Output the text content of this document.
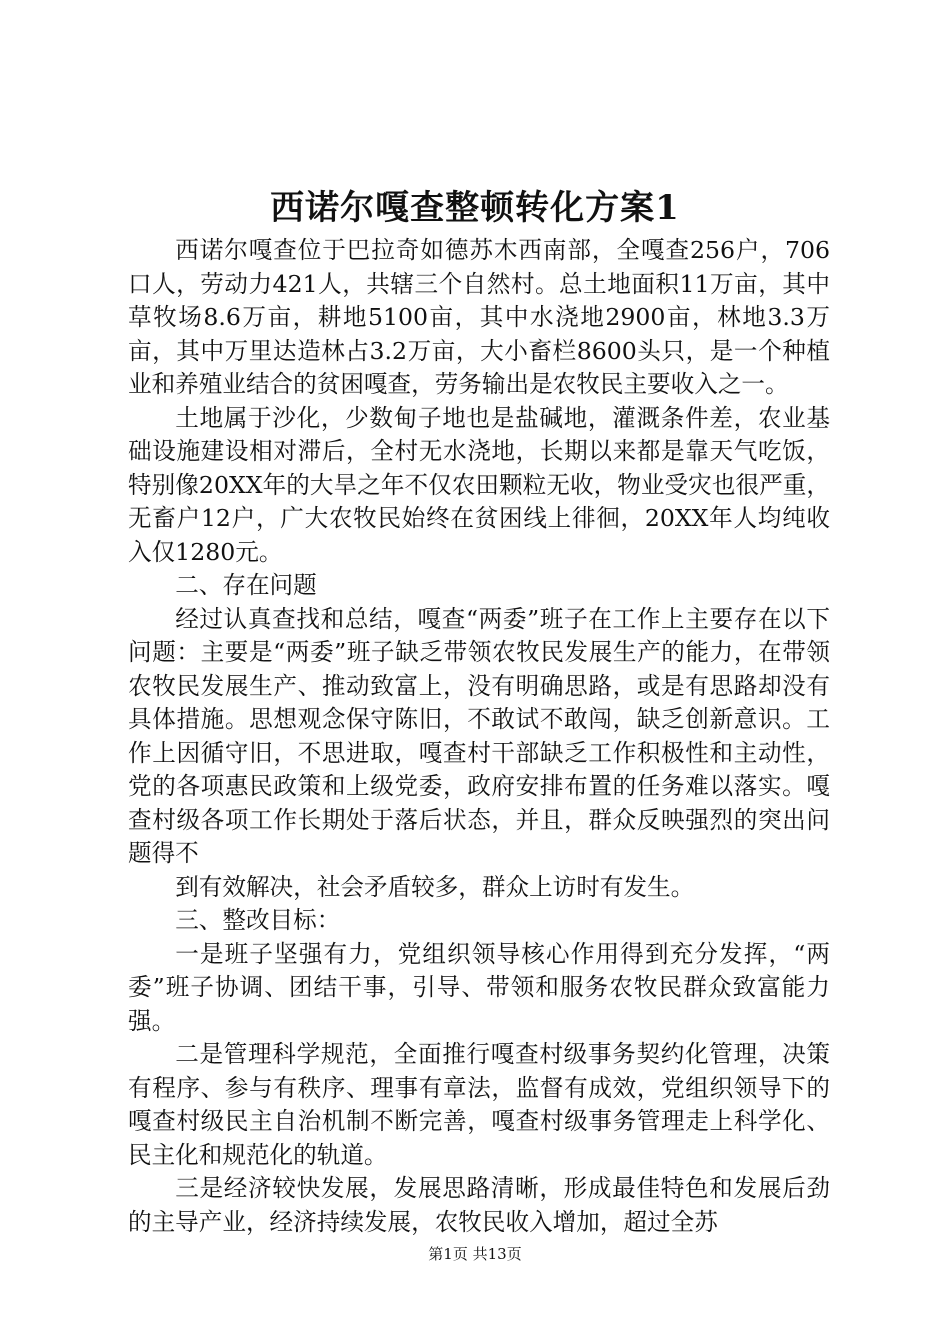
西诺尔嘎查整顿转化方案1

西诺尔嘎查位于巴拉奇如德苏木西南部，全嘎查256户，706口人，劳动力421人，共辖三个自然村。总土地面积11万亩，其中草牧场8.6万亩，耕地5100亩，其中水浇地2900亩，林地3.3万亩，其中万里达造林占3.2万亩，大小畜栏8600头只，是一个种植业和养殖业结合的贫困嘎查，劳务输出是农牧民主要收入之一。

土地属于沙化，少数甸子地也是盐碱地，灌溉条件差，农业基础设施建设相对滞后，全村无水浇地，长期以来都是靠天气吃饭，特别像20XX年的大旱之年不仅农田颗粒无收，物业受灾也很严重，无畜户12户，广大农牧民始终在贫困线上徘徊，20XX年人均纯收入仅1280元。

二、存在问题

经过认真查找和总结，嘎查“两委”班子在工作上主要存在以下问题：主要是“两委”班子缺乏带领农牧民发展生产的能力，在带领农牧民发展生产、推动致富上，没有明确思路，或是有思路却没有具体措施。思想观念保守陈旧，不敢试不敢闯，缺乏创新意识。工作上因循守旧，不思进取，嘎查村干部缺乏工作积极性和主动性，党的各项惠民政策和上级党委，政府安排布置的任务难以落实。嘎查村级各项工作长期处于落后状态，并且，群众反映强烈的突出问题得不

到有效解决，社会矛盾较多，群众上访时有发生。

三、整改目标：

一是班子坚强有力，党组织领导核心作用得到充分发挥，“两委”班子协调、团结干事，引导、带领和服务农牧民群众致富能力强。

二是管理科学规范，全面推行嘎查村级事务契约化管理，决策有程序、参与有秩序、理事有章法，监督有成效，党组织领导下的嘎查村级民主自治机制不断完善，嘎查村级事务管理走上科学化、民主化和规范化的轨道。

三是经济较快发展，发展思路清晰，形成最佳特色和发展后劲的主导产业，经济持续发展，农牧民收入增加，超过全苏

第1页 共13页
